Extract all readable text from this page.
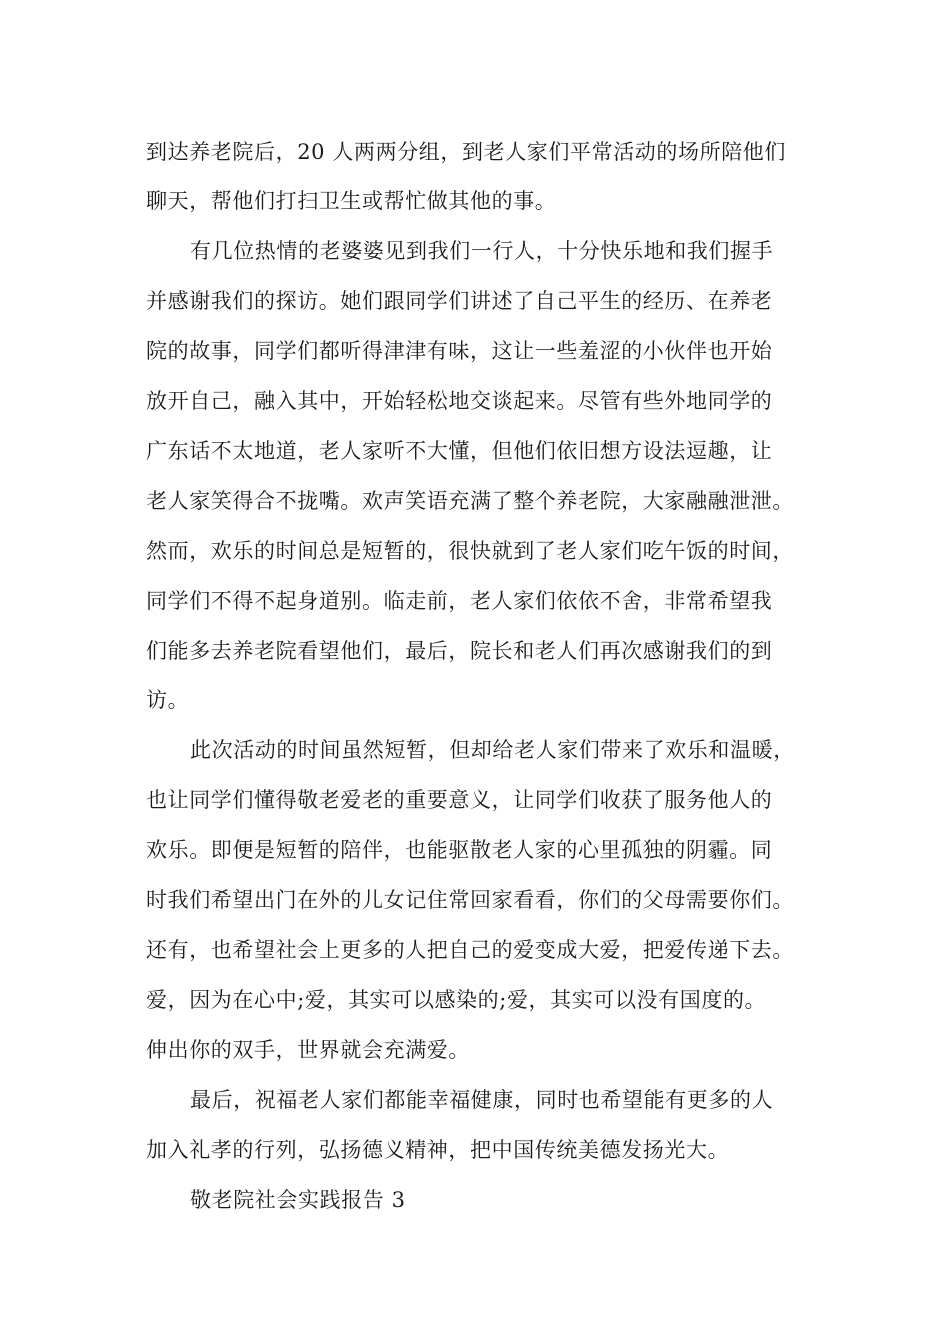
到达养老院后，20 人两两分组，到老人家们平常活动的场所陪他们
聊天，帮他们打扫卫生或帮忙做其他的事。
有几位热情的老婆婆见到我们一行人，十分快乐地和我们握手
并感谢我们的探访。她们跟同学们讲述了自己平生的经历、在养老
院的故事，同学们都听得津津有味，这让一些羞涩的小伙伴也开始
放开自己，融入其中，开始轻松地交谈起来。尽管有些外地同学的
广东话不太地道，老人家听不大懂，但他们依旧想方设法逗趣，让
老人家笑得合不拢嘴。欢声笑语充满了整个养老院，大家融融泄泄。
然而，欢乐的时间总是短暂的，很快就到了老人家们吃午饭的时间，
同学们不得不起身道别。临走前，老人家们依依不舍，非常希望我
们能多去养老院看望他们，最后，院长和老人们再次感谢我们的到
访。
此次活动的时间虽然短暂，但却给老人家们带来了欢乐和温暖，
也让同学们懂得敬老爱老的重要意义，让同学们收获了服务他人的
欢乐。即便是短暂的陪伴，也能驱散老人家的心里孤独的阴霾。同
时我们希望出门在外的儿女记住常回家看看，你们的父母需要你们。
还有，也希望社会上更多的人把自己的爱变成大爱，把爱传递下去。
爱，因为在心中;爱，其实可以感染的;爱，其实可以没有国度的。
伸出你的双手，世界就会充满爱。
最后，祝福老人家们都能幸福健康，同时也希望能有更多的人
加入礼孝的行列，弘扬德义精神，把中国传统美德发扬光大。
敬老院社会实践报告 3
